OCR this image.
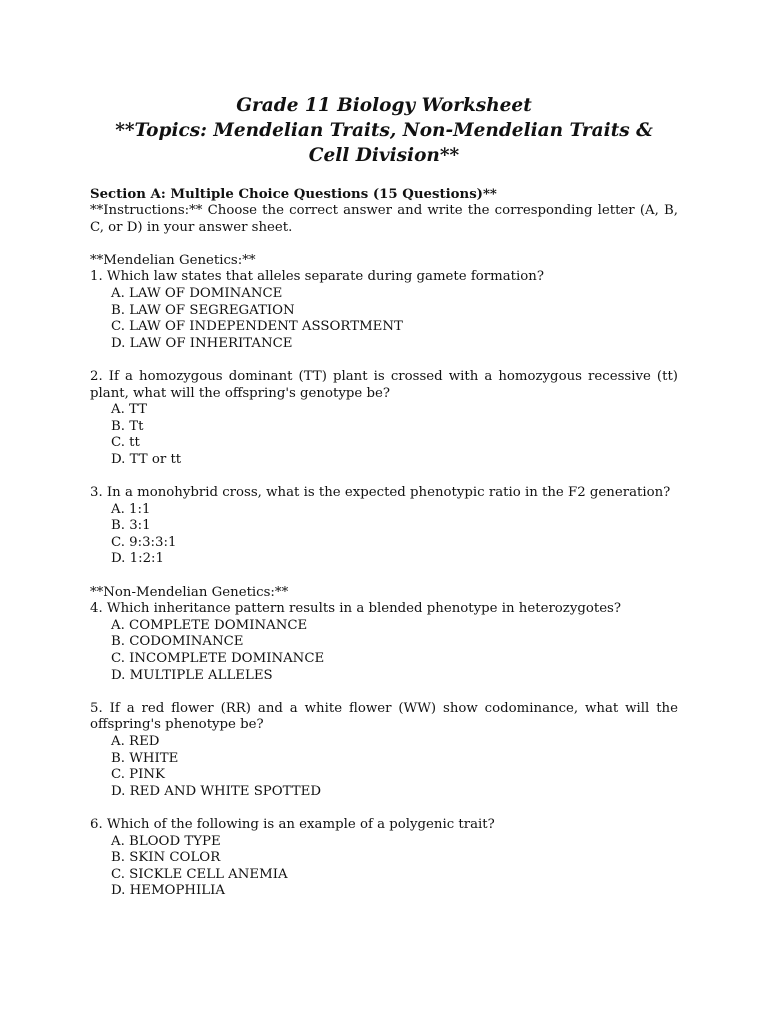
Grade 11 Biology Worksheet
**Topics: Mendelian Traits, Non-Mendelian Traits &
Cell Division**
Section A: Multiple Choice Questions (15 Questions)**
**Instructions:** Choose the correct answer and write the corresponding letter (A, B, C, or D) in your answer sheet.
**Mendelian Genetics:**
1. Which law states that alleles separate during gamete formation?
A. LAW OF DOMINANCE
B. LAW OF SEGREGATION
C. LAW OF INDEPENDENT ASSORTMENT
D. LAW OF INHERITANCE
2. If a homozygous dominant (TT) plant is crossed with a homozygous recessive (tt) plant, what will the offspring's genotype be?
A. TT
B. Tt
C. tt
D. TT or tt
3. In a monohybrid cross, what is the expected phenotypic ratio in the F2 generation?
A. 1:1
B. 3:1
C. 9:3:3:1
D. 1:2:1
**Non-Mendelian Genetics:**
4. Which inheritance pattern results in a blended phenotype in heterozygotes?
A. COMPLETE DOMINANCE
B. CODOMINANCE
C. INCOMPLETE DOMINANCE
D. MULTIPLE ALLELES
5. If a red flower (RR) and a white flower (WW) show codominance, what will the offspring's phenotype be?
A. RED
B. WHITE
C. PINK
D. RED AND WHITE SPOTTED
6. Which of the following is an example of a polygenic trait?
A. BLOOD TYPE
B. SKIN COLOR
C. SICKLE CELL ANEMIA
D. HEMOPHILIA
